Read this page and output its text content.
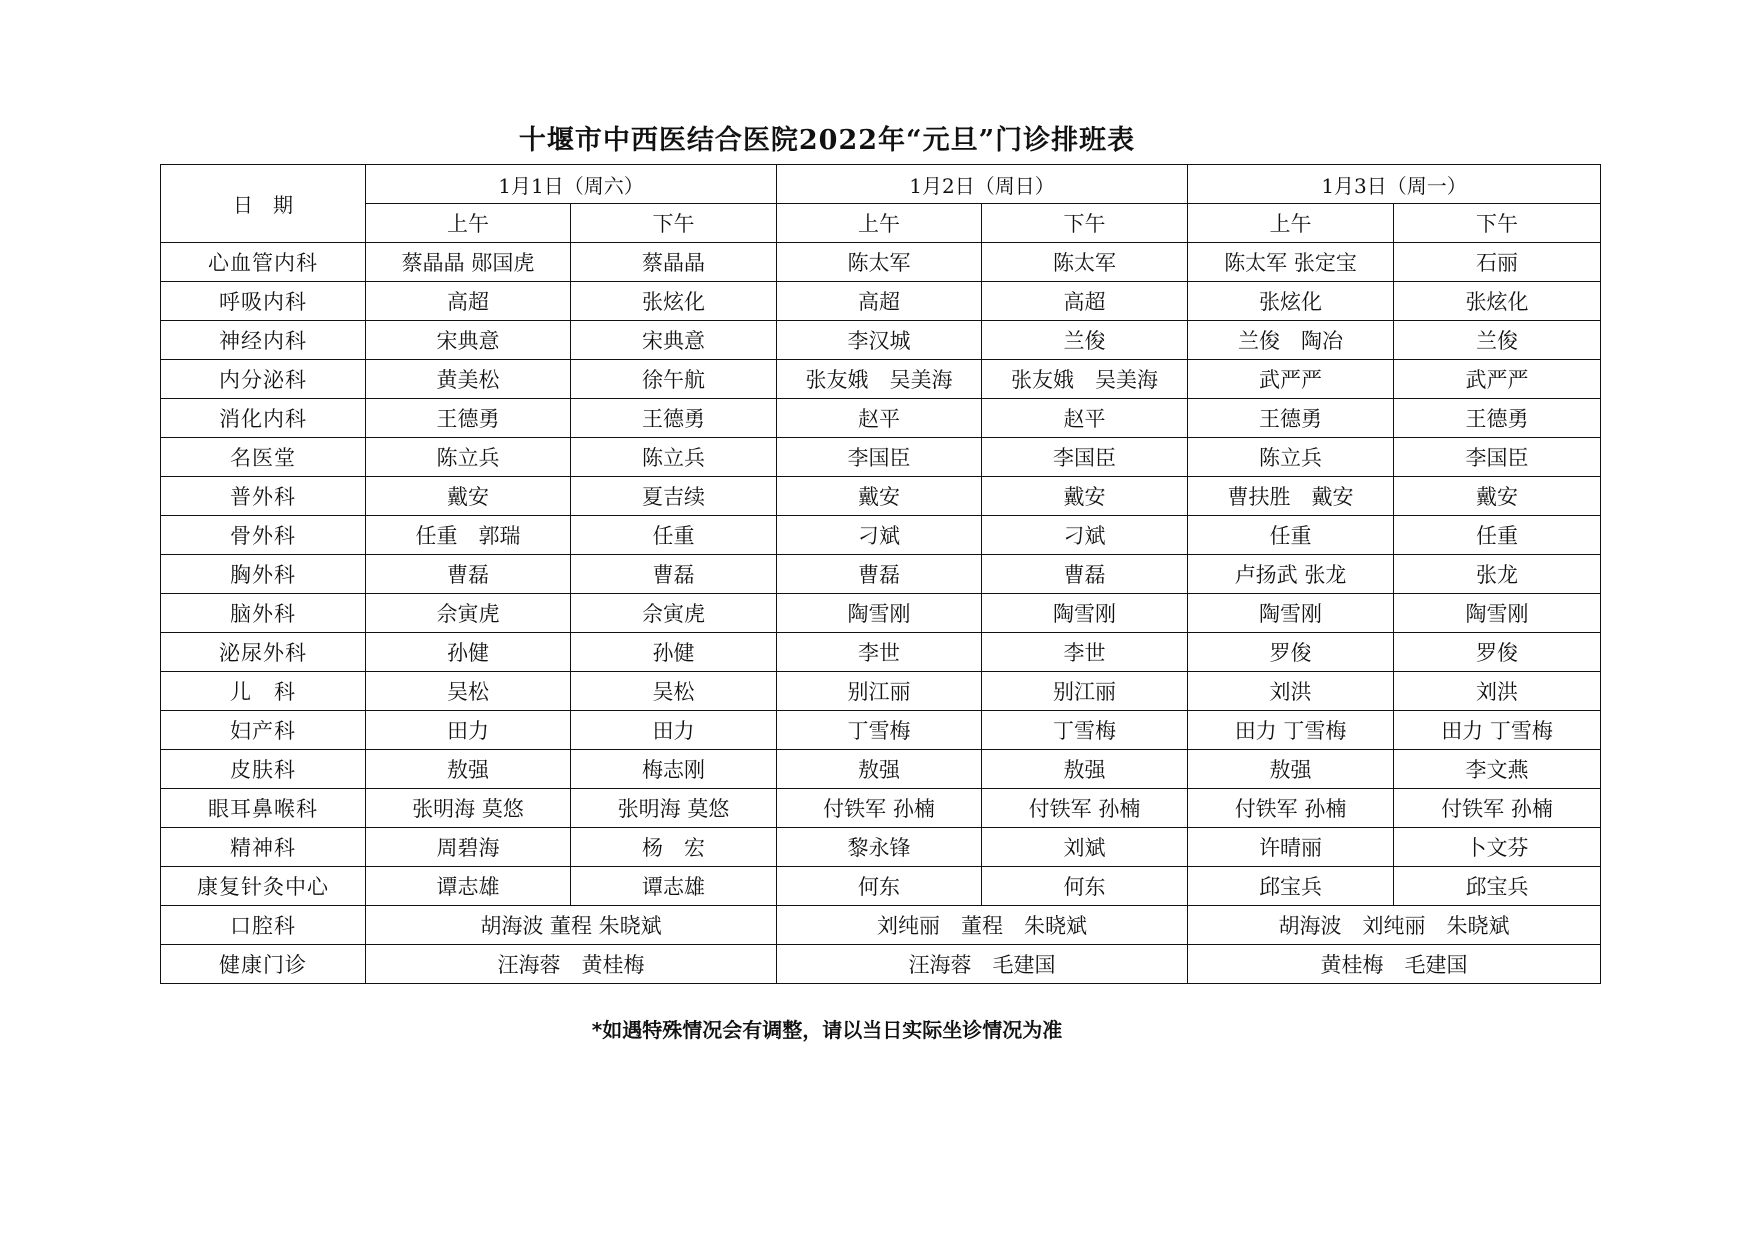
十堰市中西医结合医院2022年“元旦”门诊排班表
日　期	1月1日（周六）		1月2日（周日）		1月3日（周一）	
	上午	下午	上午	下午	上午	下午
心血管内科	蔡晶晶 郧国虎	蔡晶晶	陈太军	陈太军	陈太军 张定宝	石丽
呼吸内科	高超	张炫化	高超	高超	张炫化	张炫化
神经内科	宋典意	宋典意	李汉城	兰俊	兰俊　陶冶	兰俊
内分泌科	黄美松	徐午航	张友娥　吴美海	张友娥　吴美海	武严严	武严严
消化内科	王德勇	王德勇	赵平	赵平	王德勇	王德勇
名医堂	陈立兵	陈立兵	李国臣	李国臣	陈立兵	李国臣
普外科	戴安	夏吉续	戴安	戴安	曹扶胜　戴安	戴安
骨外科	任重　郭瑞	任重	刁斌	刁斌	任重	任重
胸外科	曹磊	曹磊	曹磊	曹磊	卢扬武 张龙	张龙
脑外科	佘寅虎	佘寅虎	陶雪刚	陶雪刚	陶雪刚	陶雪刚
泌尿外科	孙健	孙健	李世	李世	罗俊	罗俊
儿　科	吴松	吴松	别江丽	别江丽	刘洪	刘洪
妇产科	田力	田力	丁雪梅	丁雪梅	田力 丁雪梅	田力 丁雪梅
皮肤科	敖强	梅志刚	敖强	敖强	敖强	李文燕
眼耳鼻喉科	张明海 莫悠	张明海 莫悠	付铁军 孙楠	付铁军 孙楠	付铁军 孙楠	付铁军 孙楠
精神科	周碧海	杨　宏	黎永锋	刘斌	许晴丽	卜文芬
康复针灸中心	谭志雄	谭志雄	何东	何东	邱宝兵	邱宝兵
口腔科	胡海波 董程 朱晓斌		刘纯丽　董程　朱晓斌		胡海波　刘纯丽　朱晓斌	
健康门诊	汪海蓉　黄桂梅		汪海蓉　毛建国		黄桂梅　毛建国	
*如遇特殊情况会有调整，请以当日实际坐诊情况为准
